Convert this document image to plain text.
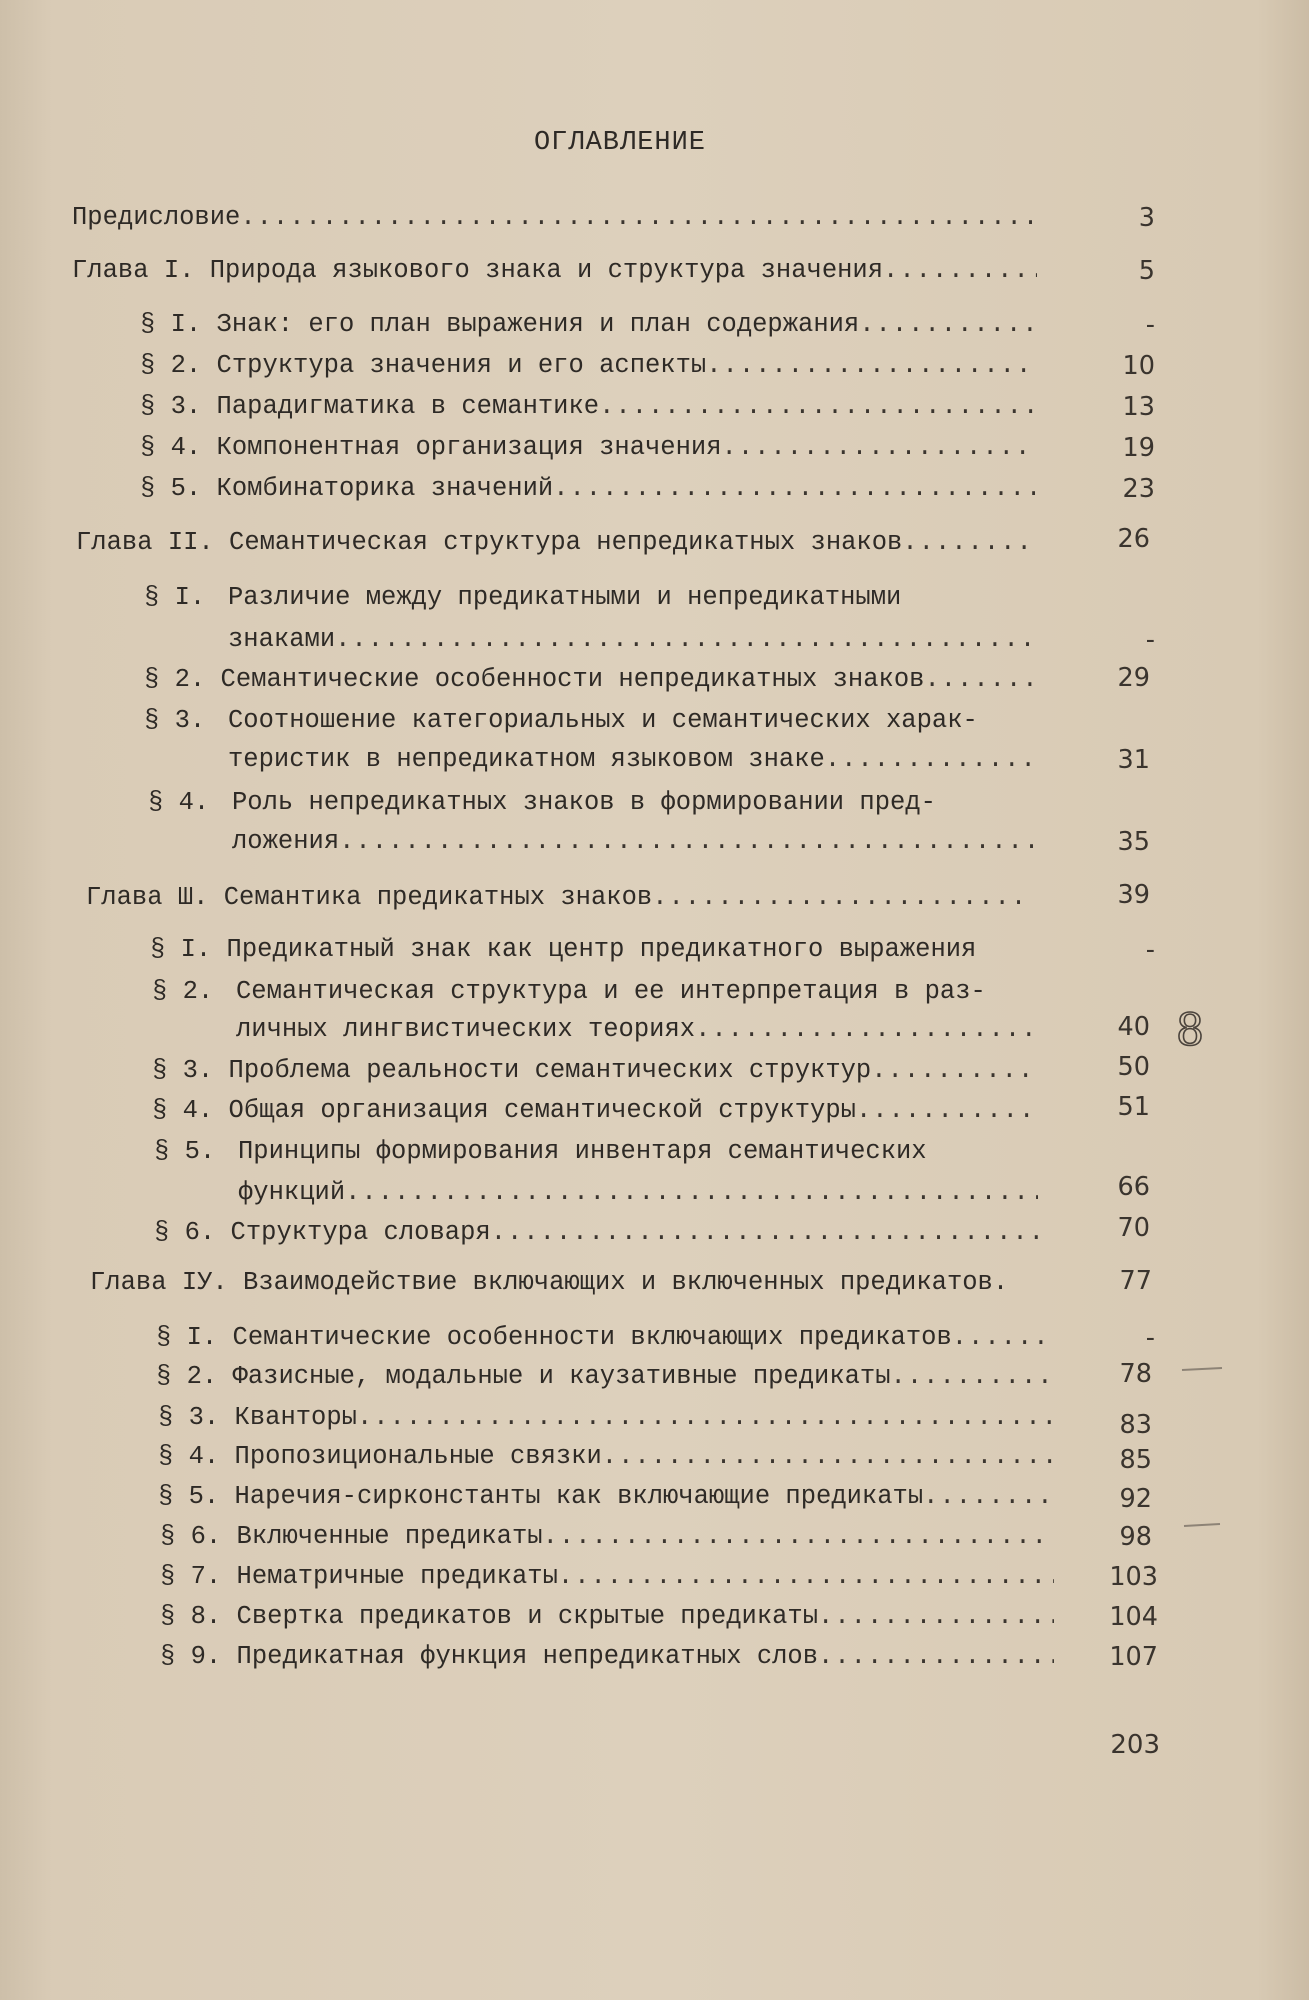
ОГЛАВЛЕНИЕ
Предисловие .....	3
Глава I. Природа языкового знака и структура значения .....	5
§ I. Знак: его план выражения и план содержания .....	-
§ 2. Структура значения и его аспекты .....	10
§ 3. Парадигматика в семантике .....	13
§ 4. Компонентная организация значения .....	19
§ 5. Комбинаторика значений .....	23
Глава II. Семантическая структура непредикатных знаков .....	26
§ I. Различие между предикатными и непредикатными
знаками .....	-
§ 2. Семантические особенности непредикатных знаков .....	29
§ 3. Соотношение категориальных и семантических харак-
теристик в непредикатном языковом знаке .....	31
§ 4. Роль непредикатных знаков в формировании пред-
ложения .....	35
Глава Ш. Семантика предикатных знаков .....	39
§ I. Предикатный знак как центр предикатного выражения	-
§ 2. Семантическая структура и ее интерпретация в раз-
личных лингвистических теориях .....	40
§ 3. Проблема реальности семантических структур .....	50
§ 4. Общая организация семантической структуры .....	51
§ 5. Принципы формирования инвентаря семантических
функций .....	66
§ 6. Структура словаря .....	70
Глава IУ. Взаимодействие включающих и включенных предикатов.	77
§ I. Семантические особенности включающих предикатов .....	-
§ 2. Фазисные, модальные и каузативные предикаты .....	78
§ 3. Кванторы .....	83
§ 4. Пропозициональные связки .....	85
§ 5. Наречия-сирконстанты как включающие предикаты .....	92
§ 6. Включенные предикаты .....	98
§ 7. Нематричные предикаты .....	103
§ 8. Свертка предикатов и скрытые предикаты .....	104
§ 9. Предикатная функция непредикатных слов .....	107
203
8
